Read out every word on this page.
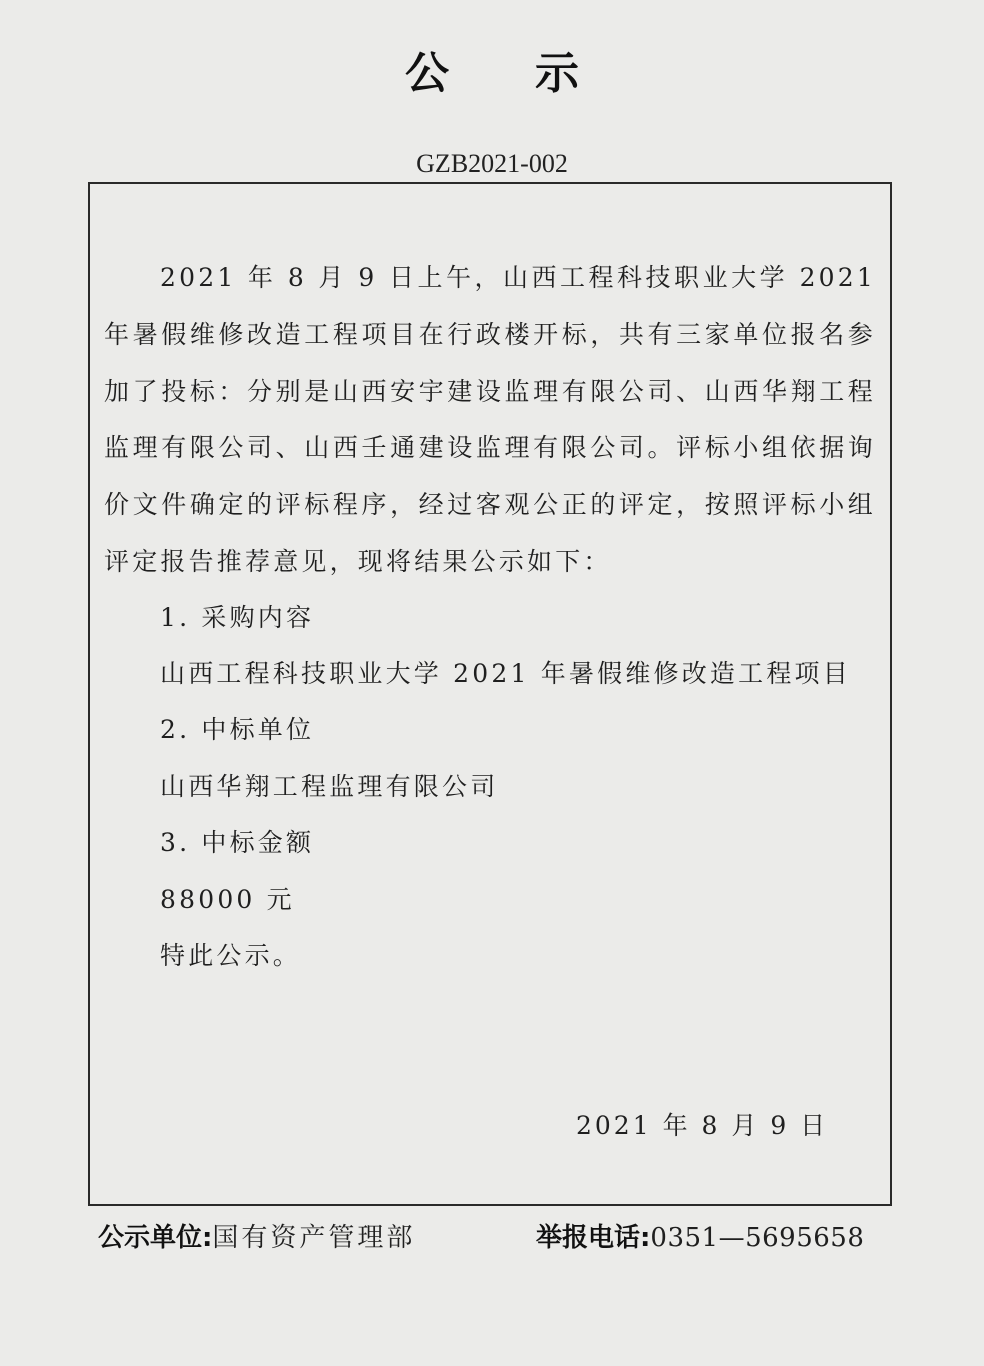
公示
GZB2021-002

2021 年 8 月 9 日上午，山西工程科技职业大学 2021 年暑假维修改造工程项目在行政楼开标，共有三家单位报名参加了投标：分别是山西安宇建设监理有限公司、山西华翔工程监理有限公司、山西壬通建设监理有限公司。评标小组依据询价文件确定的评标程序，经过客观公正的评定，按照评标小组评定报告推荐意见，现将结果公示如下：

1. 采购内容

山西工程科技职业大学 2021 年暑假维修改造工程项目

2. 中标单位

山西华翔工程监理有限公司

3. 中标金额

88000 元

特此公示。

2021 年 8 月 9 日

公示单位:国有资产管理部	举报电话:0351—5695658
